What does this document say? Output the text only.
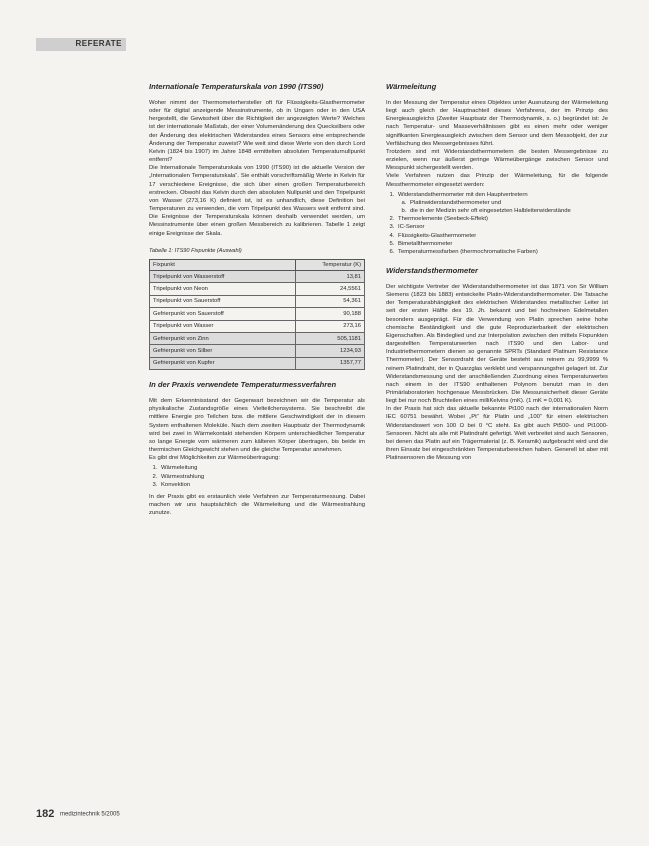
REFERATE
Internationale Temperaturskala von 1990 (ITS90)
Woher nimmt der Thermometerhersteller oft für Flüssigkeits-Glasthermometer oder für digital anzeigende Messinstrumente, ob in Ungarn oder in den USA hergestellt, die Gewissheit über die Richtigkeit der angezeigten Werte? Welches ist der internationale Maßstab, der einer Volumenänderung des Quecksilbers oder der Änderung des elektrischen Widerstandes eines Sensors eine entsprechende Änderung der Temperatur zuweist? Wie weit sind diese Werte von den durch Lord Kelvin (1824 bis 1907) im Jahre 1848 ermittelten absoluten Temperaturnullpunkt entfernt?
Die Internationale Temperaturskala von 1990 (ITS90) ist die aktuelle Version der „Internationalen Temperaturskala“. Sie enthält vorschriftsmäßig Werte in Kelvin für 17 verschiedene Ereignisse, die sich über einen großen Temperaturbereich erstrecken. Obwohl das Kelvin durch den absoluten Nullpunkt und den Tripelpunkt von Wasser (273,16 K) definiert ist, ist es unhandlich, diese Definition bei Temperaturen zu verwenden, die vom Tripelpunkt des Wassers weit entfernt sind. Die Ereignisse der Temperaturskala können deshalb verwendet werden, um Messinstrumente über einen großen Messbereich zu kalibrieren. Tabelle 1 zeigt einige Ereignisse der Skala.
Tabelle 1: ITS90 Fixpunkte (Auswahl)
Fixpunkt	Temperatur (K)
Tripelpunkt von Wasserstoff	13,81
Tripelpunkt von Neon	24,5561
Tripelpunkt von Sauerstoff	54,361
Gefrierpunkt von Sauerstoff	90,188
Tripelpunkt von Wasser	273,16
Gefrierpunkt von Zinn	505,1181
Gefrierpunkt von Silber	1234,93
Gefrierpunkt von Kupfer	1357,77
In der Praxis verwendete Temperaturmessverfahren
Mit dem Erkenntnisstand der Gegenwart bezeichnen wir die Temperatur als physikalische Zustandsgröße eines Vielteilchensystems. Sie beschreibt die mittlere Energie pro Teilchen bzw. die mittlere Geschwindigkeit der in diesem System enthaltenen Moleküle. Nach dem zweiten Hauptsatz der Thermodynamik wird bei zwei in Wärmekontakt stehenden Körpern unterschiedlicher Temperatur so lange Energie vom wärmeren zum kälteren Körper übertragen, bis beide im thermischen Gleichgewicht stehen und die gleiche Temperatur annehmen.
Es gibt drei Möglichkeiten zur Wärmeübertragung:
1. Wärmeleitung
2. Wärmestrahlung
3. Konvektion
In der Praxis gibt es erstaunlich viele Verfahren zur Temperaturmessung. Dabei machen wir uns hauptsächlich die Wärmeleitung und die Wärmestrahlung zunutze.
Wärmeleitung
In der Messung der Temperatur eines Objektes unter Ausnutzung der Wärmeleitung liegt auch gleich der Hauptnachteil dieses Verfahrens, der im Prinzip des Energieausgleichs (Zweiter Hauptsatz der Thermodynamik, s. o.) begründet ist: Je nach Temperatur- und Masseverhältnissen gibt es einen mehr oder weniger signifikanten Energieausgleich zwischen dem Sensor und dem Messobjekt, der zur Verfälschung des Messergebnisses führt.
Trotzdem sind mit Widerstandsthermometern die besten Messergebnisse zu erzielen, wenn nur äußerst geringe Wärmeübergänge zwischen Sensor und Messpunkt sichergestellt werden.
Viele Verfahren nutzen das Prinzip der Wärmeleitung, für die folgende Messthermometer eingesetzt werden:
1. Widerstandsthermometer mit den Hauptvertretern
a. Platinwiderstandsthermometer und
b. die in der Medizin sehr oft eingesetzten Halbleiterwiderstände
2. Thermoelemente (Seebeck-Effekt)
3. IC-Sensor
4. Flüssigkeits-Glasthermometer
5. Bimetallthermometer
6. Temperaturmessfarben (thermochromatische Farben)
Widerstandsthermometer
Der wichtigste Vertreter der Widerstandsthermometer ist das 1871 von Sir William Siemens (1823 bis 1883) entwickelte Platin-Widerstandsthermometer. Die Tatsache der Temperaturabhängigkeit des elektrischen Widerstandes metallischer Leiter ist seit der ersten Hälfte des 19. Jh. bekannt und bei hochreinen Edelmetallen besonders ausgeprägt. Für die Verwendung von Platin sprechen seine hohe chemische Beständigkeit und die gute Reproduzierbarkeit der elektrischen Eigenschaften. Als Bindeglied und zur Interpolation zwischen den mittels Fixpunkten dargestellten Temperaturwerten nach ITS90 und den Labor- und Industriethermometern dienen so genannte SPRTs (Standard Platinum Resistance Thermometer). Der Sensordraht der Geräte besteht aus reinem zu 99,9999 % reinem Platindraht, der in Quarzglas verklebt und verspannungsfrei gelagert ist. Zur Widerstandsmessung und der anschließenden Zuordnung eines Temperaturwertes nach einem in der ITS90 enthaltenen Polynom benutzt man in den Primärlaboratorien hochgenaue Messbrücken. Die Messunsicherheit dieser Geräte liegt bei nur noch Bruchteilen eines milliKelvins (mK). (1 mK = 0,001 K).
In der Praxis hat sich das aktuelle bekannte Pt100 nach der internationalen Norm IEC 60751 bewährt. Wobei „Pt“ für Platin und „100“ für einen elektrischen Widerstandswert von 100 Ω bei 0 °C steht. Es gibt auch Pt500- und Pt1000-Sensoren. Nicht als alle mit Platindraht gefertigt. Weit verbreitet sind auch Sensoren, bei denen das Platin auf ein Trägermaterial (z. B. Keramik) aufgebracht wird und die ihren Einsatz bei eingeschränkten Temperaturbereichen haben. Generell ist aber mit Platinsensoren die Messung von
182 medizintechnik 5/2005
